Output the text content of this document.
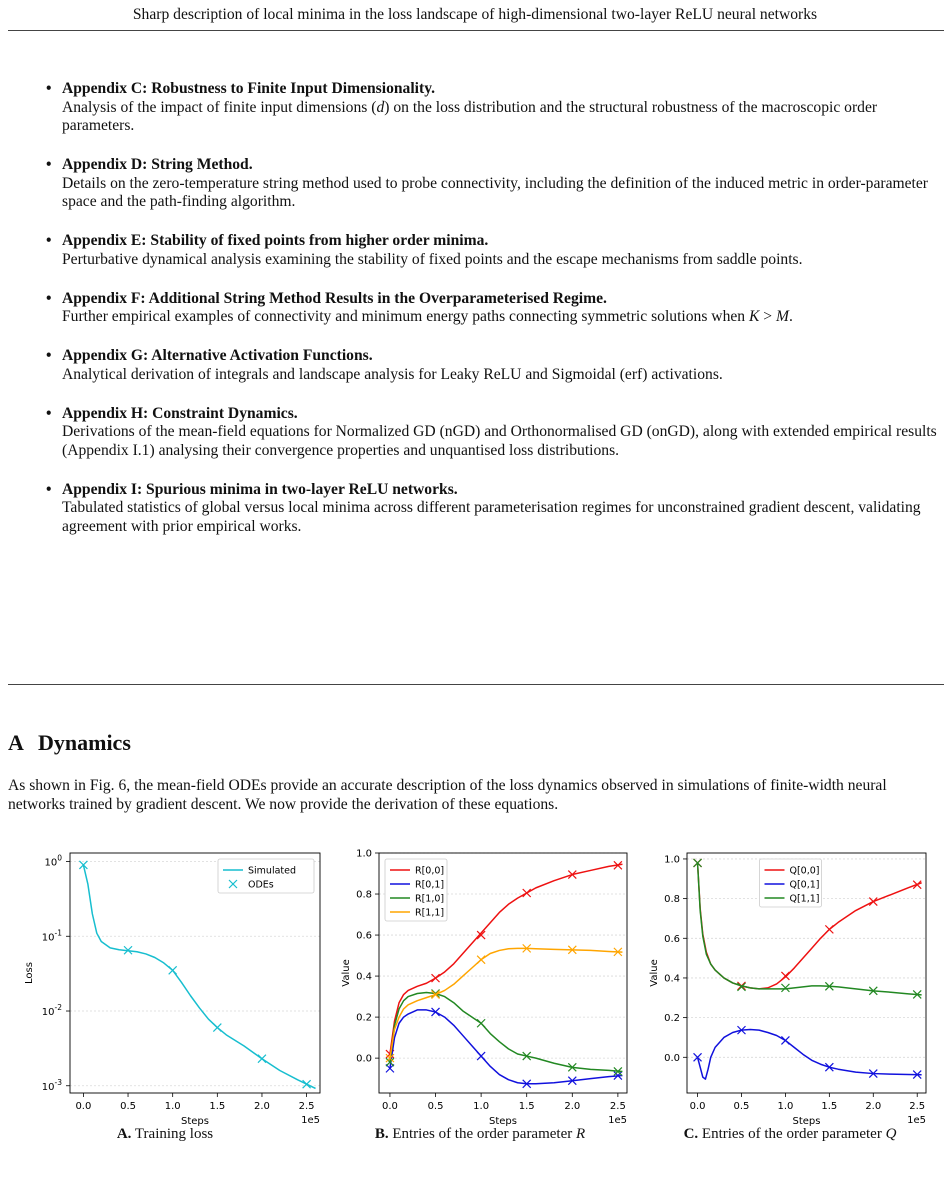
Sharp description of local minima in the loss landscape of high-dimensional two-layer ReLU neural networks
• Appendix C: Robustness to Finite Input Dimensionality.
Analysis of the impact of finite input dimensions (d) on the loss distribution and the structural robustness of the macroscopic order parameters.
• Appendix D: String Method.
Details on the zero-temperature string method used to probe connectivity, including the definition of the induced metric in order-parameter space and the path-finding algorithm.
• Appendix E: Stability of fixed points from higher order minima.
Perturbative dynamical analysis examining the stability of fixed points and the escape mechanisms from saddle points.
• Appendix F: Additional String Method Results in the Overparameterised Regime.
Further empirical examples of connectivity and minimum energy paths connecting symmetric solutions when K > M.
• Appendix G: Alternative Activation Functions.
Analytical derivation of integrals and landscape analysis for Leaky ReLU and Sigmoidal (erf) activations.
• Appendix H: Constraint Dynamics.
Derivations of the mean-field equations for Normalized GD (nGD) and Orthonormalised GD (onGD), along with extended empirical results (Appendix I.1) analysing their convergence properties and unquantised loss distributions.
• Appendix I: Spurious minima in two-layer ReLU networks.
Tabulated statistics of global versus local minima across different parameterisation regimes for unconstrained gradient descent, validating agreement with prior empirical works.
A Dynamics
As shown in Fig. 6, the mean-field ODEs provide an accurate description of the loss dynamics observed in simulations of finite-width neural networks trained by gradient descent. We now provide the derivation of these equations.
$10^0$
$10^{-1}$
$10^{-2}$
$10^{-3}$
0.0	0.5	1.0	1.5	2.0	2.5
Steps	1e5
Loss
Simulated
ODEs
0.0
0.2
0.4
0.6
0.8
1.0
0.0	0.5	1.0	1.5	2.0	2.5
Steps	1e5
Value
R[0,0]
R[0,1]
R[1,0]
R[1,1]
0.0
0.2
0.4
0.6
0.8
1.0
0.0	0.5	1.0	1.5	2.0	2.5
Steps	1e5
Value
Q[0,0]
Q[0,1]
Q[1,1]
A. Training loss	B. Entries of the order parameter R	C. Entries of the order parameter Q
